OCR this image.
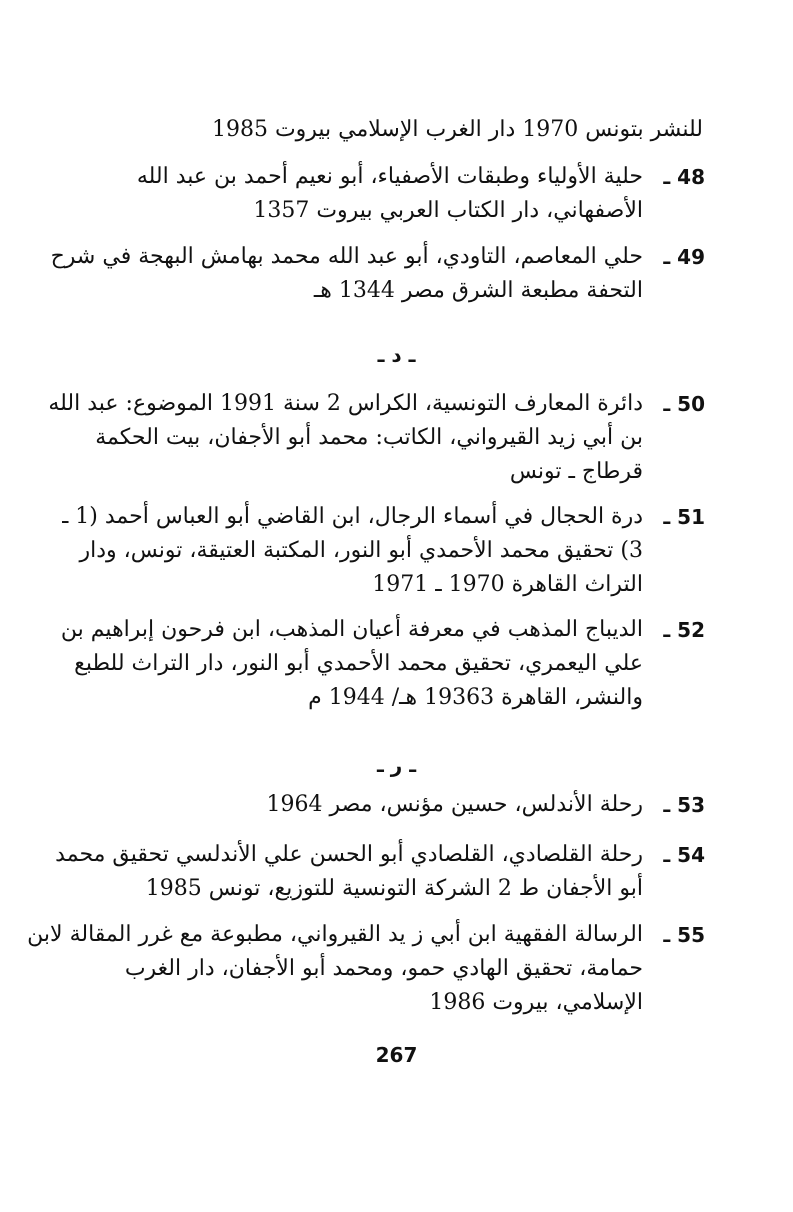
للنشر بتونس 1970 دار الغرب الإسلامي بيروت 1985
48 ـ
حلية الأولياء وطبقات الأصفياء، أبو نعيم أحمد بن عبد الله
الأصفهاني، دار الكتاب العربي بيروت 1357
49 ـ
حلي المعاصم، التاودي، أبو عبد الله محمد بهامش البهجة في شرح
التحفة مطبعة الشرق مصر 1344 هـ
ـ د ـ
50 ـ
دائرة المعارف التونسية، الكراس 2 سنة 1991 الموضوع: عبد الله
بن أبي زيد القيرواني، الكاتب: محمد أبو الأجفان، بيت الحكمة
قرطاج ـ تونس
51 ـ
درة الحجال في أسماء الرجال، ابن القاضي أبو العباس أحمد (1 ـ
3) تحقيق محمد الأحمدي أبو النور، المكتبة العتيقة، تونس، ودار
التراث القاهرة 1970 ـ 1971
52 ـ
الديباج المذهب في معرفة أعيان المذهب، ابن فرحون إبراهيم بن
علي اليعمري، تحقيق محمد الأحمدي أبو النور، دار التراث للطبع
والنشر، القاهرة 19363 هـ/ 1944 م
ـ ر ـ
53 ـ
رحلة الأندلس، حسين مؤنس، مصر 1964
54 ـ
رحلة القلصادي، القلصادي أبو الحسن علي الأندلسي تحقيق محمد
أبو الأجفان ط 2 الشركة التونسية للتوزيع، تونس 1985
55 ـ
الرسالة الفقهية ابن أبي ز يد القيرواني، مطبوعة مع غرر المقالة لابن
حمامة، تحقيق الهادي حمو، ومحمد أبو الأجفان، دار الغرب
الإسلامي، بيروت 1986
267
